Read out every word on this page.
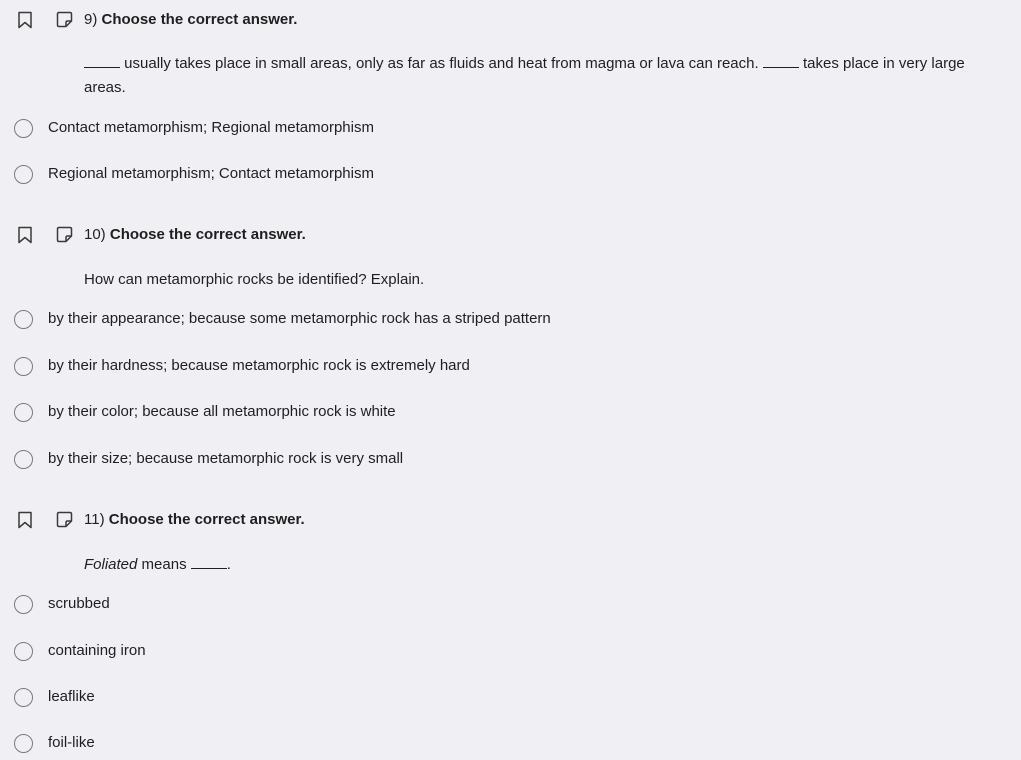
9) Choose the correct answer.
usually takes place in small areas, only as far as fluids and heat from magma or lava can reach.	takes place in very large areas.
Contact metamorphism; Regional metamorphism
Regional metamorphism; Contact metamorphism
10) Choose the correct answer.
How can metamorphic rocks be identified? Explain.
by their appearance; because some metamorphic rock has a striped pattern
by their hardness; because metamorphic rock is extremely hard
by their color; because all metamorphic rock is white
by their size; because metamorphic rock is very small
11) Choose the correct answer.
Foliated means	.
scrubbed
containing iron
leaflike
foil-like
